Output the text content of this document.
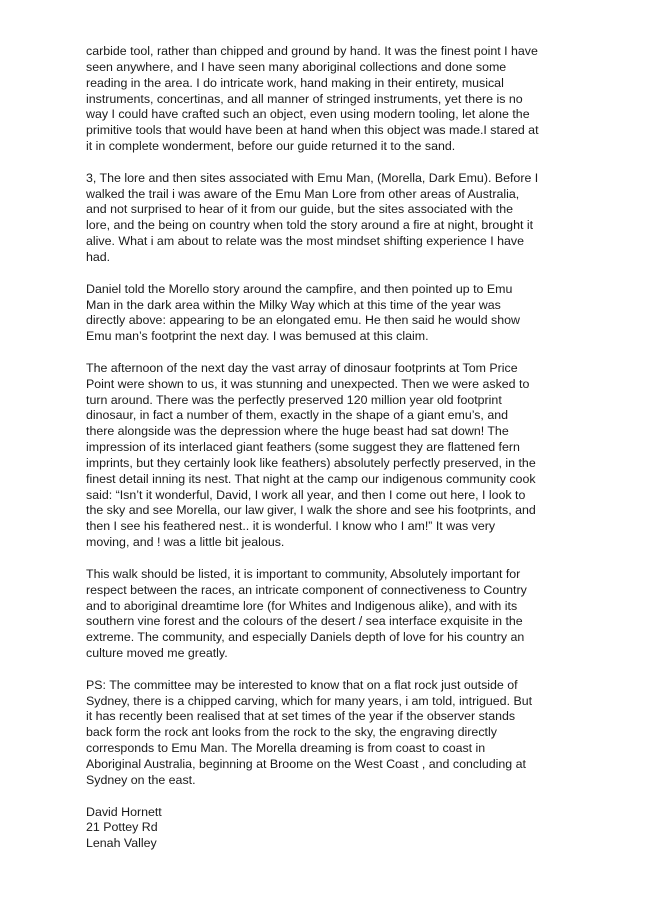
carbide tool, rather than chipped and ground by hand. It was the finest point I have
seen anywhere, and I have seen many aboriginal collections and done some
reading in the area. I do intricate work, hand making in their entirety, musical
instruments, concertinas, and all manner of stringed instruments, yet there is no
way I could have crafted such an object, even using modern tooling, let alone the
primitive tools that would have been at hand when this object was made.I stared at
it in complete wonderment, before our guide returned it to the sand.
3, The lore and then sites associated with Emu Man, (Morella, Dark Emu). Before I
walked the trail i was aware of the Emu Man Lore from other areas of Australia,
and not surprised to hear of it from our guide, but the sites associated with the
lore, and the being on country when told the story around a fire at night, brought it
alive. What i am about to relate was the most mindset shifting experience I have
had.
Daniel told the Morello story around the campfire, and then pointed up to Emu
Man in the dark area within the Milky Way which at this time of the year was
directly above: appearing to be an elongated emu. He then said he would show
Emu man’s footprint the next day. I was bemused at this claim.
The afternoon of the next day the vast array of dinosaur footprints at Tom Price
Point were shown to us, it was stunning and unexpected. Then we were asked to
turn around. There was the perfectly preserved 120 million year old footprint
dinosaur, in fact a number of them, exactly in the shape of a giant emu’s, and
there alongside was the depression where the huge beast had sat down! The
impression of its interlaced giant feathers (some suggest they are flattened fern
imprints, but they certainly look like feathers) absolutely perfectly preserved, in the
finest detail inning its nest. That night at the camp our indigenous community cook
said: “Isn’t it wonderful, David, I work all year, and then I come out here, I look to
the sky and see Morella, our law giver, I walk the shore and see his footprints, and
then I see his feathered nest.. it is wonderful. I know who I am!” It was very
moving, and ! was a little bit jealous.
This walk should be listed, it is important to community, Absolutely important for
respect between the races, an intricate component of connectiveness to Country
and to aboriginal dreamtime lore (for Whites and Indigenous alike), and with its
southern vine forest and the colours of the desert / sea interface exquisite in the
extreme. The community, and especially Daniels depth of love for his country an
culture moved me greatly.
PS: The committee may be interested to know that on a flat rock just outside of
Sydney, there is a chipped carving, which for many years, i am told, intrigued. But
it has recently been realised that at set times of the year if the observer stands
back form the rock ant looks from the rock to the sky, the engraving directly
corresponds to Emu Man. The Morella dreaming is from coast to coast in
Aboriginal Australia, beginning at Broome on the West Coast , and concluding at
Sydney on the east.
David Hornett
21 Pottey Rd
Lenah Valley
